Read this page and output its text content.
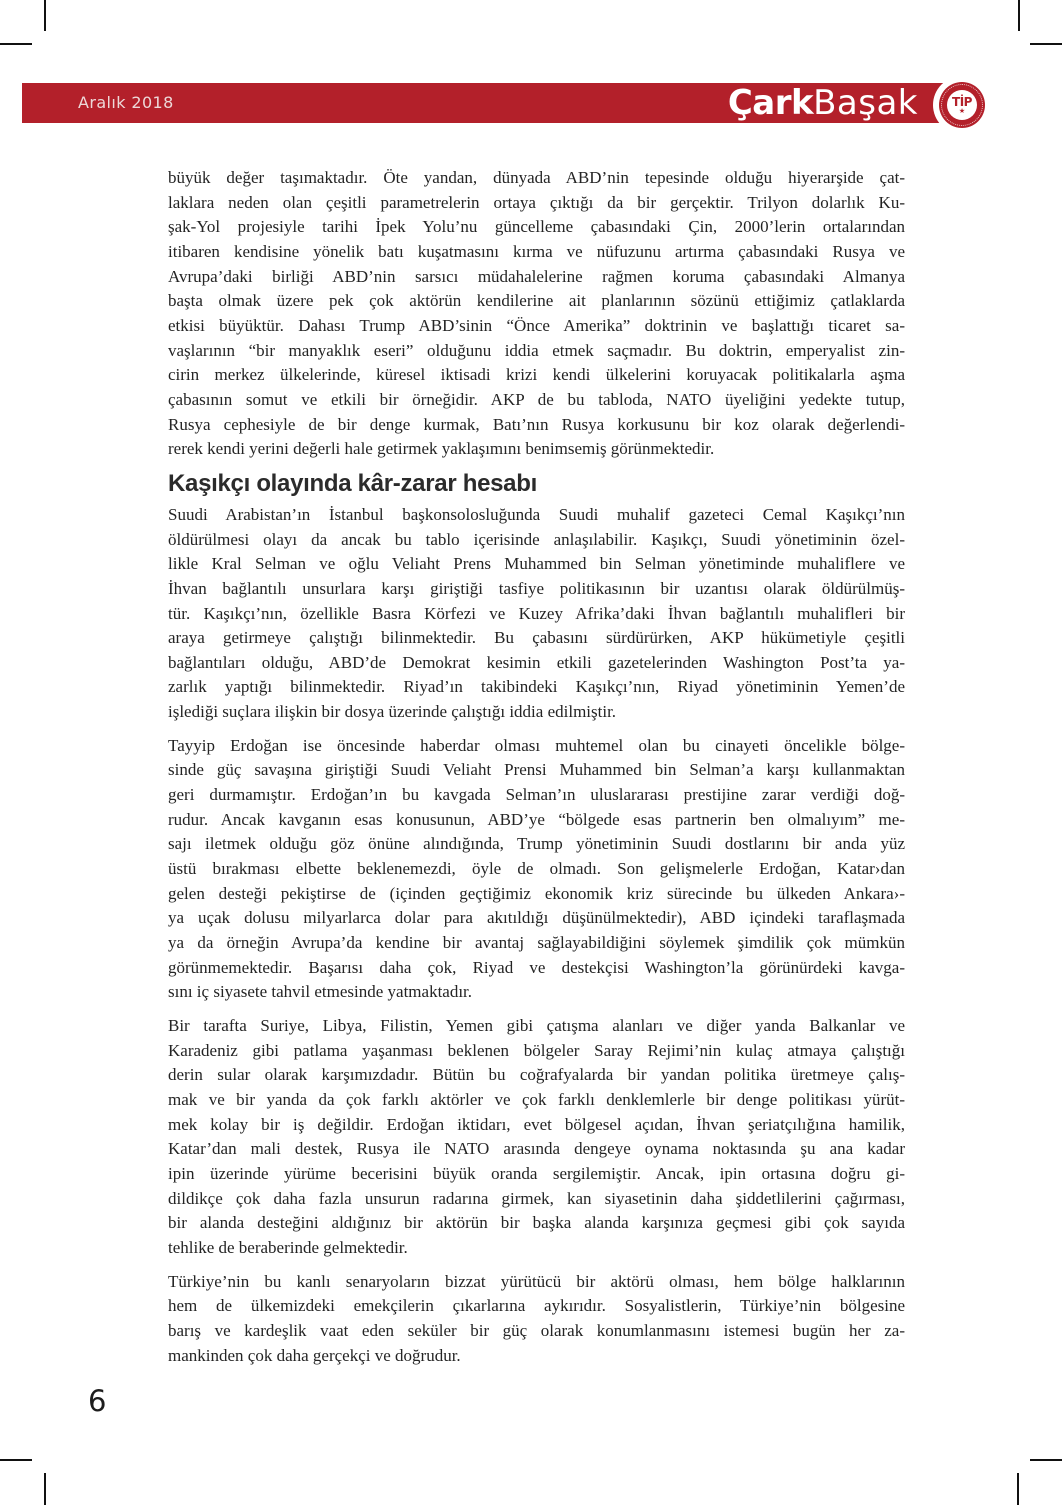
Aralık 2018	ÇarkBaşak	TİP
★
büyük değer taşımaktadır. Öte yandan, dünyada ABD’nin tepesinde olduğu hiyerarşide çat-
laklara neden olan çeşitli parametrelerin ortaya çıktığı da bir gerçektir. Trilyon dolarlık Ku-
şak-Yol projesiyle tarihi İpek Yolu’nu güncelleme çabasındaki Çin, 2000’lerin ortalarından
itibaren kendisine yönelik batı kuşatmasını kırma ve nüfuzunu artırma çabasındaki Rusya ve
Avrupa’daki birliği ABD’nin sarsıcı müdahalelerine rağmen koruma çabasındaki Almanya
başta olmak üzere pek çok aktörün kendilerine ait planlarının sözünü ettiğimiz çatlaklarda
etkisi büyüktür. Dahası Trump ABD’sinin “Önce Amerika” doktrinin ve başlattığı ticaret sa-
vaşlarının “bir manyaklık eseri” olduğunu iddia etmek saçmadır. Bu doktrin, emperyalist zin-
cirin merkez ülkelerinde, küresel iktisadi krizi kendi ülkelerini koruyacak politikalarla aşma
çabasının somut ve etkili bir örneğidir. AKP de bu tabloda, NATO üyeliğini yedekte tutup,
Rusya cephesiyle de bir denge kurmak, Batı’nın Rusya korkusunu bir koz olarak değerlendi-
rerek kendi yerini değerli hale getirmek yaklaşımını benimsemiş görünmektedir.
Kaşıkçı olayında kâr-zarar hesabı
Suudi Arabistan’ın İstanbul başkonsolosluğunda Suudi muhalif gazeteci Cemal Kaşıkçı’nın
öldürülmesi olayı da ancak bu tablo içerisinde anlaşılabilir. Kaşıkçı, Suudi yönetiminin özel-
likle Kral Selman ve oğlu Veliaht Prens Muhammed bin Selman yönetiminde muhaliflere ve
İhvan bağlantılı unsurlara karşı giriştiği tasfiye politikasının bir uzantısı olarak öldürülmüş-
tür. Kaşıkçı’nın, özellikle Basra Körfezi ve Kuzey Afrika’daki İhvan bağlantılı muhalifleri bir
araya getirmeye çalıştığı bilinmektedir. Bu çabasını sürdürürken, AKP hükümetiyle çeşitli
bağlantıları olduğu, ABD’de Demokrat kesimin etkili gazetelerinden Washington Post’ta ya-
zarlık yaptığı bilinmektedir. Riyad’ın takibindeki Kaşıkçı’nın, Riyad yönetiminin Yemen’de
işlediği suçlara ilişkin bir dosya üzerinde çalıştığı iddia edilmiştir.
Tayyip Erdoğan ise öncesinde haberdar olması muhtemel olan bu cinayeti öncelikle bölge-
sinde güç savaşına giriştiği Suudi Veliaht Prensi Muhammed bin Selman’a karşı kullanmaktan
geri durmamıştır. Erdoğan’ın bu kavgada Selman’ın uluslararası prestijine zarar verdiği doğ-
rudur. Ancak kavganın esas konusunun, ABD’ye “bölgede esas partnerin ben olmalıyım” me-
sajı iletmek olduğu göz önüne alındığında, Trump yönetiminin Suudi dostlarını bir anda yüz
üstü bırakması elbette beklenemezdi, öyle de olmadı. Son gelişmelerle Erdoğan, Katar›dan
gelen desteği pekiştirse de (içinden geçtiğimiz ekonomik kriz sürecinde bu ülkeden Ankara›-
ya uçak dolusu milyarlarca dolar para akıtıldığı düşünülmektedir), ABD içindeki taraflaşmada
ya da örneğin Avrupa’da kendine bir avantaj sağlayabildiğini söylemek şimdilik çok mümkün
görünmemektedir. Başarısı daha çok, Riyad ve destekçisi Washington’la görünürdeki kavga-
sını iç siyasete tahvil etmesinde yatmaktadır.
Bir tarafta Suriye, Libya, Filistin, Yemen gibi çatışma alanları ve diğer yanda Balkanlar ve
Karadeniz gibi patlama yaşanması beklenen bölgeler Saray Rejimi’nin kulaç atmaya çalıştığı
derin sular olarak karşımızdadır. Bütün bu coğrafyalarda bir yandan politika üretmeye çalış-
mak ve bir yanda da çok farklı aktörler ve çok farklı denklemlerle bir denge politikası yürüt-
mek kolay bir iş değildir. Erdoğan iktidarı, evet bölgesel açıdan, İhvan şeriatçılığına hamilik,
Katar’dan mali destek, Rusya ile NATO arasında dengeye oynama noktasında şu ana kadar
ipin üzerinde yürüme becerisini büyük oranda sergilemiştir. Ancak, ipin ortasına doğru gi-
dildikçe çok daha fazla unsurun radarına girmek, kan siyasetinin daha şiddetlilerini çağırması,
bir alanda desteğini aldığınız bir aktörün bir başka alanda karşınıza geçmesi gibi çok sayıda
tehlike de beraberinde gelmektedir.
Türkiye’nin bu kanlı senaryoların bizzat yürütücü bir aktörü olması, hem bölge halklarının
hem de ülkemizdeki emekçilerin çıkarlarına aykırıdır. Sosyalistlerin, Türkiye’nin bölgesine
barış ve kardeşlik vaat eden seküler bir güç olarak konumlanmasını istemesi bugün her za-
mankinden çok daha gerçekçi ve doğrudur.
6
